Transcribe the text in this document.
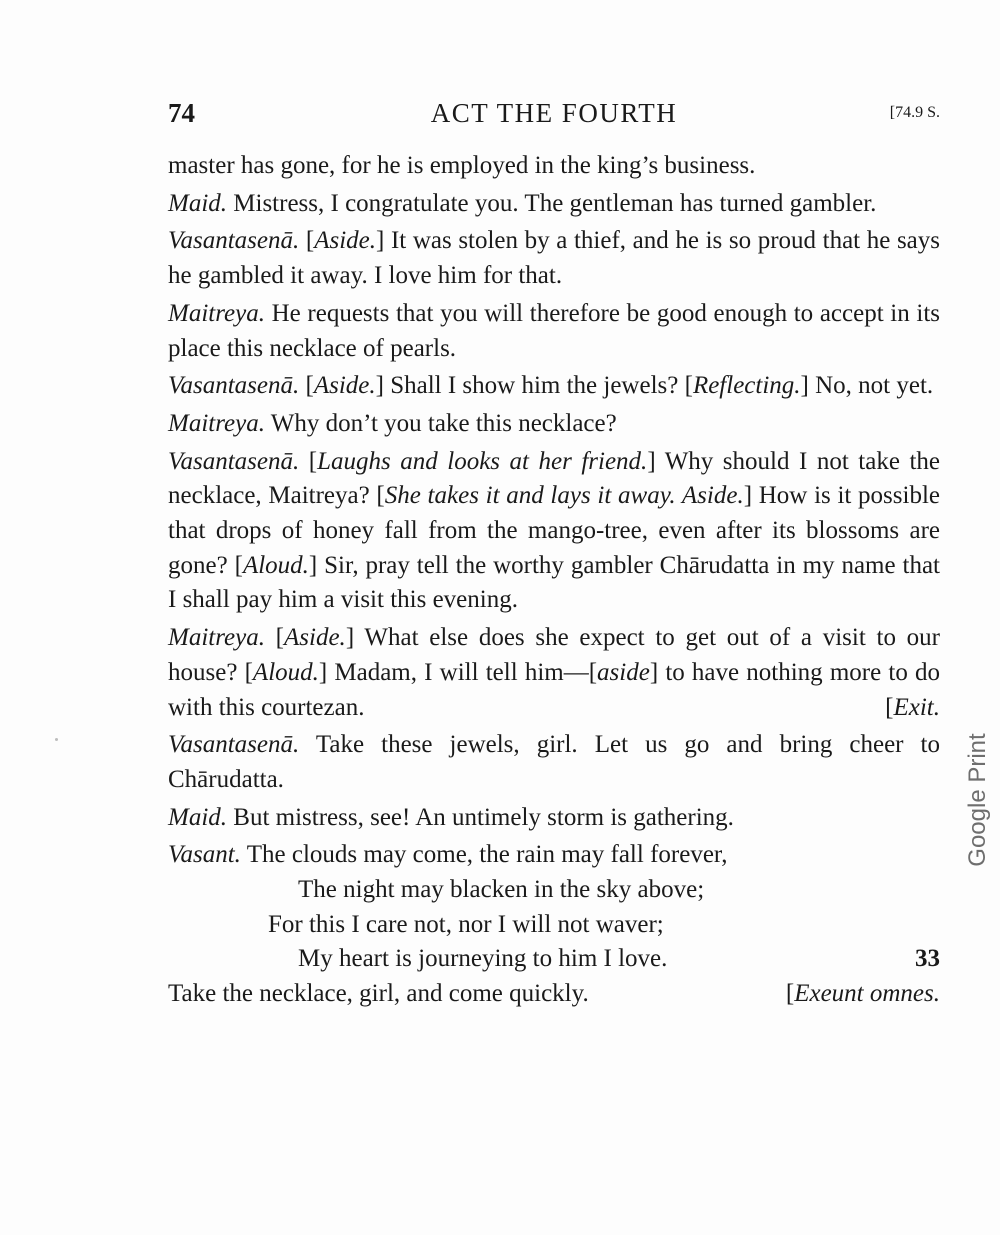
74	ACT THE FOURTH	[74.9 S.

master has gone, for he is employed in the king’s business.

Maid. Mistress, I congratulate you. The gentleman has turned gambler.

Vasantasenā. [Aside.] It was stolen by a thief, and he is so proud that he says he gambled it away. I love him for that.

Maitreya. He requests that you will therefore be good enough to accept in its place this necklace of pearls.

Vasantasenā. [Aside.] Shall I show him the jewels? [Reflecting.] No, not yet.

Maitreya. Why don’t you take this necklace?

Vasantasenā. [Laughs and looks at her friend.] Why should I not take the necklace, Maitreya? [She takes it and lays it away. Aside.] How is it possible that drops of honey fall from the mango-tree, even after its blossoms are gone? [Aloud.] Sir, pray tell the worthy gambler Chārudatta in my name that I shall pay him a visit this evening.

Maitreya. [Aside.] What else does she expect to get out of a visit to our house? [Aloud.] Madam, I will tell him—[aside] to have nothing more to do with this courtezan.	[Exit.

Vasantasenā. Take these jewels, girl. Let us go and bring cheer to Chārudatta.

Maid. But mistress, see! An untimely storm is gathering.

Vasant. The clouds may come, the rain may fall forever,
The night may blacken in the sky above;
For this I care not, nor I will not waver;
My heart is journeying to him I love.	33

Take the necklace, girl, and come quickly.	[Exeunt omnes.

Google Print
